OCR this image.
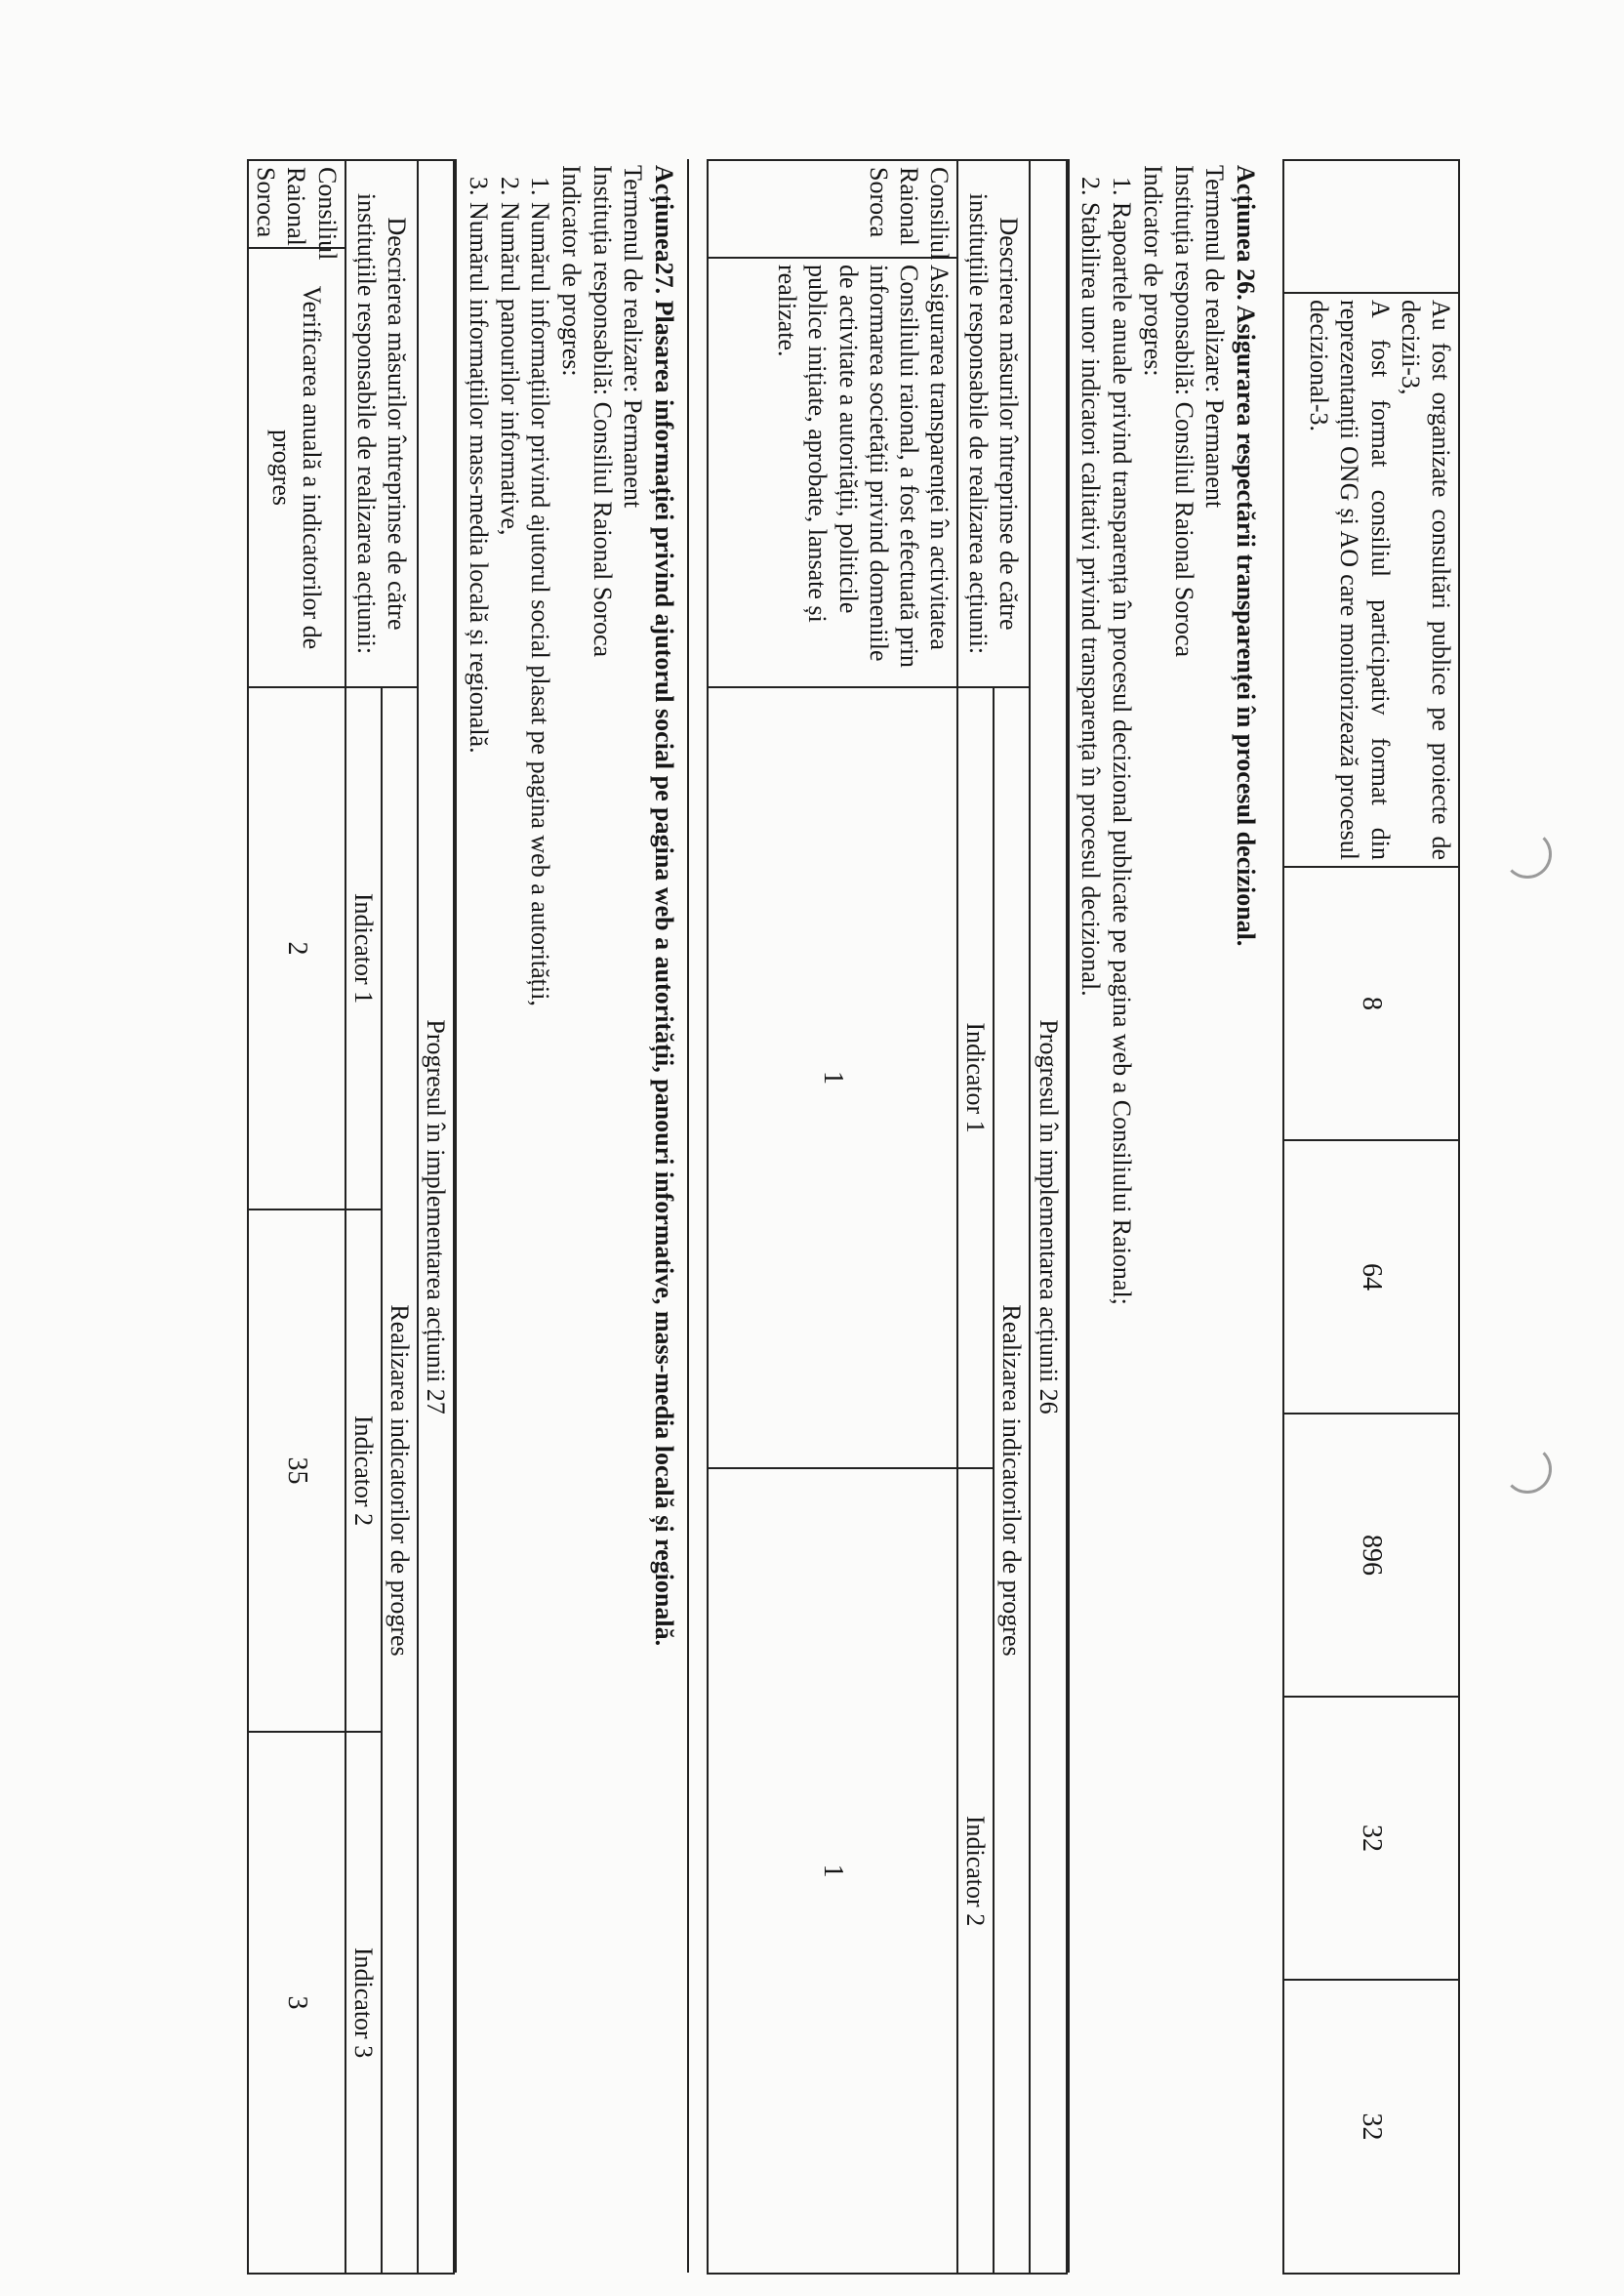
	Au fost organizate consultări publice pe proiecte de decizii-3,
A fost format consiliul participativ format din reprezentanții ONG și AO care monitorizează procesul decizional-3.	8	64	896	32	32
Acțiunea 26. Asigurarea respectării transparenței în procesul decizional.
Termenul de realizare: Permanent
Instituția responsabilă: Consiliul Raional Soroca
Indicator de progres:
1. Rapoartele anuale privind transparența în procesul decizional publicate pe pagina web a Consiliului Raional;
2. Stabilirea unor indicatori calitativi privind transparența în procesul decizional.
Progresul în implementarea acțiunii 26			
Descrierea măsurilor întreprinse de către instituțiile responsabile de realizarea acțiunii:		Realizarea indicatorilor de progres	
		Indicator 1	Indicator 2
Consiliul Raional Soroca	Asigurarea transparenței în activitatea Consiliului raional, a fost efectuată prin informarea societății privind domeniile de activitate a autorității, politicile publice inițiate, aprobate, lansate și realizate.	1	1
Acțiunea27. Plasarea informației privind ajutorul social pe pagina web a autorității, panouri informative, mass-media locală și regională.
Termenul de realizare: Permanent
Instituția responsabilă: Consiliul Raional Soroca
Indicator de progres:
1. Numărul informațiilor privind ajutorul social plasat pe pagina web a autorității,
2. Numărul panourilor informative,
3. Numărul informațiilor mass-media locală și regională.
Progresul în implementarea acțiunii 27				
Descrierea măsurilor întreprinse de către instituțiile responsabile de realizarea acțiunii:		Realizarea indicatorilor de progres		
		Indicator 1	Indicator 2	Indicator 3
Consiliul Raional Soroca	Verificarea anuală a indicatorilor de progres	2	35	3
